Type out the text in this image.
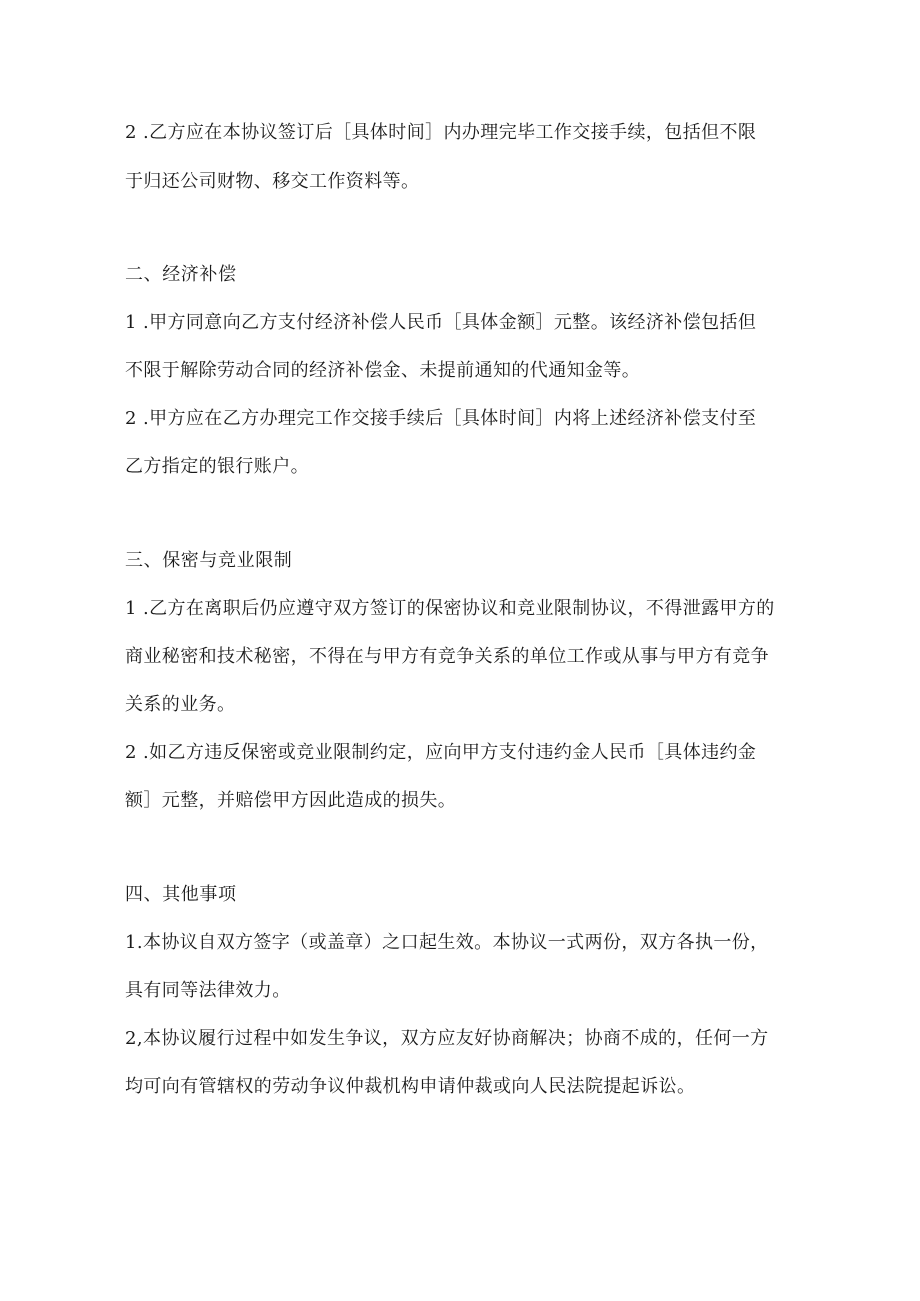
2 .乙方应在本协议签订后［具体时间］内办理完毕工作交接手续，包括但不限
于归还公司财物、移交工作资料等。
二、经济补偿
1 .甲方同意向乙方支付经济补偿人民币［具体金额］元整。该经济补偿包括但
不限于解除劳动合同的经济补偿金、未提前通知的代通知金等。
2 .甲方应在乙方办理完工作交接手续后［具体时间］内将上述经济补偿支付至
乙方指定的银行账户。
三、保密与竞业限制
1 .乙方在离职后仍应遵守双方签订的保密协议和竞业限制协议，不得泄露甲方的
商业秘密和技术秘密，不得在与甲方有竞争关系的单位工作或从事与甲方有竞争
关系的业务。
2 .如乙方违反保密或竞业限制约定，应向甲方支付违约金人民币［具体违约金
额］元整，并赔偿甲方因此造成的损失。
四、其他事项
1.本协议自双方签字（或盖章）之口起生效。本协议一式两份，双方各执一份，
具有同等法律效力。
2,本协议履行过程中如发生争议，双方应友好协商解决；协商不成的，任何一方
均可向有管辖权的劳动争议仲裁机构申请仲裁或向人民法院提起诉讼。
